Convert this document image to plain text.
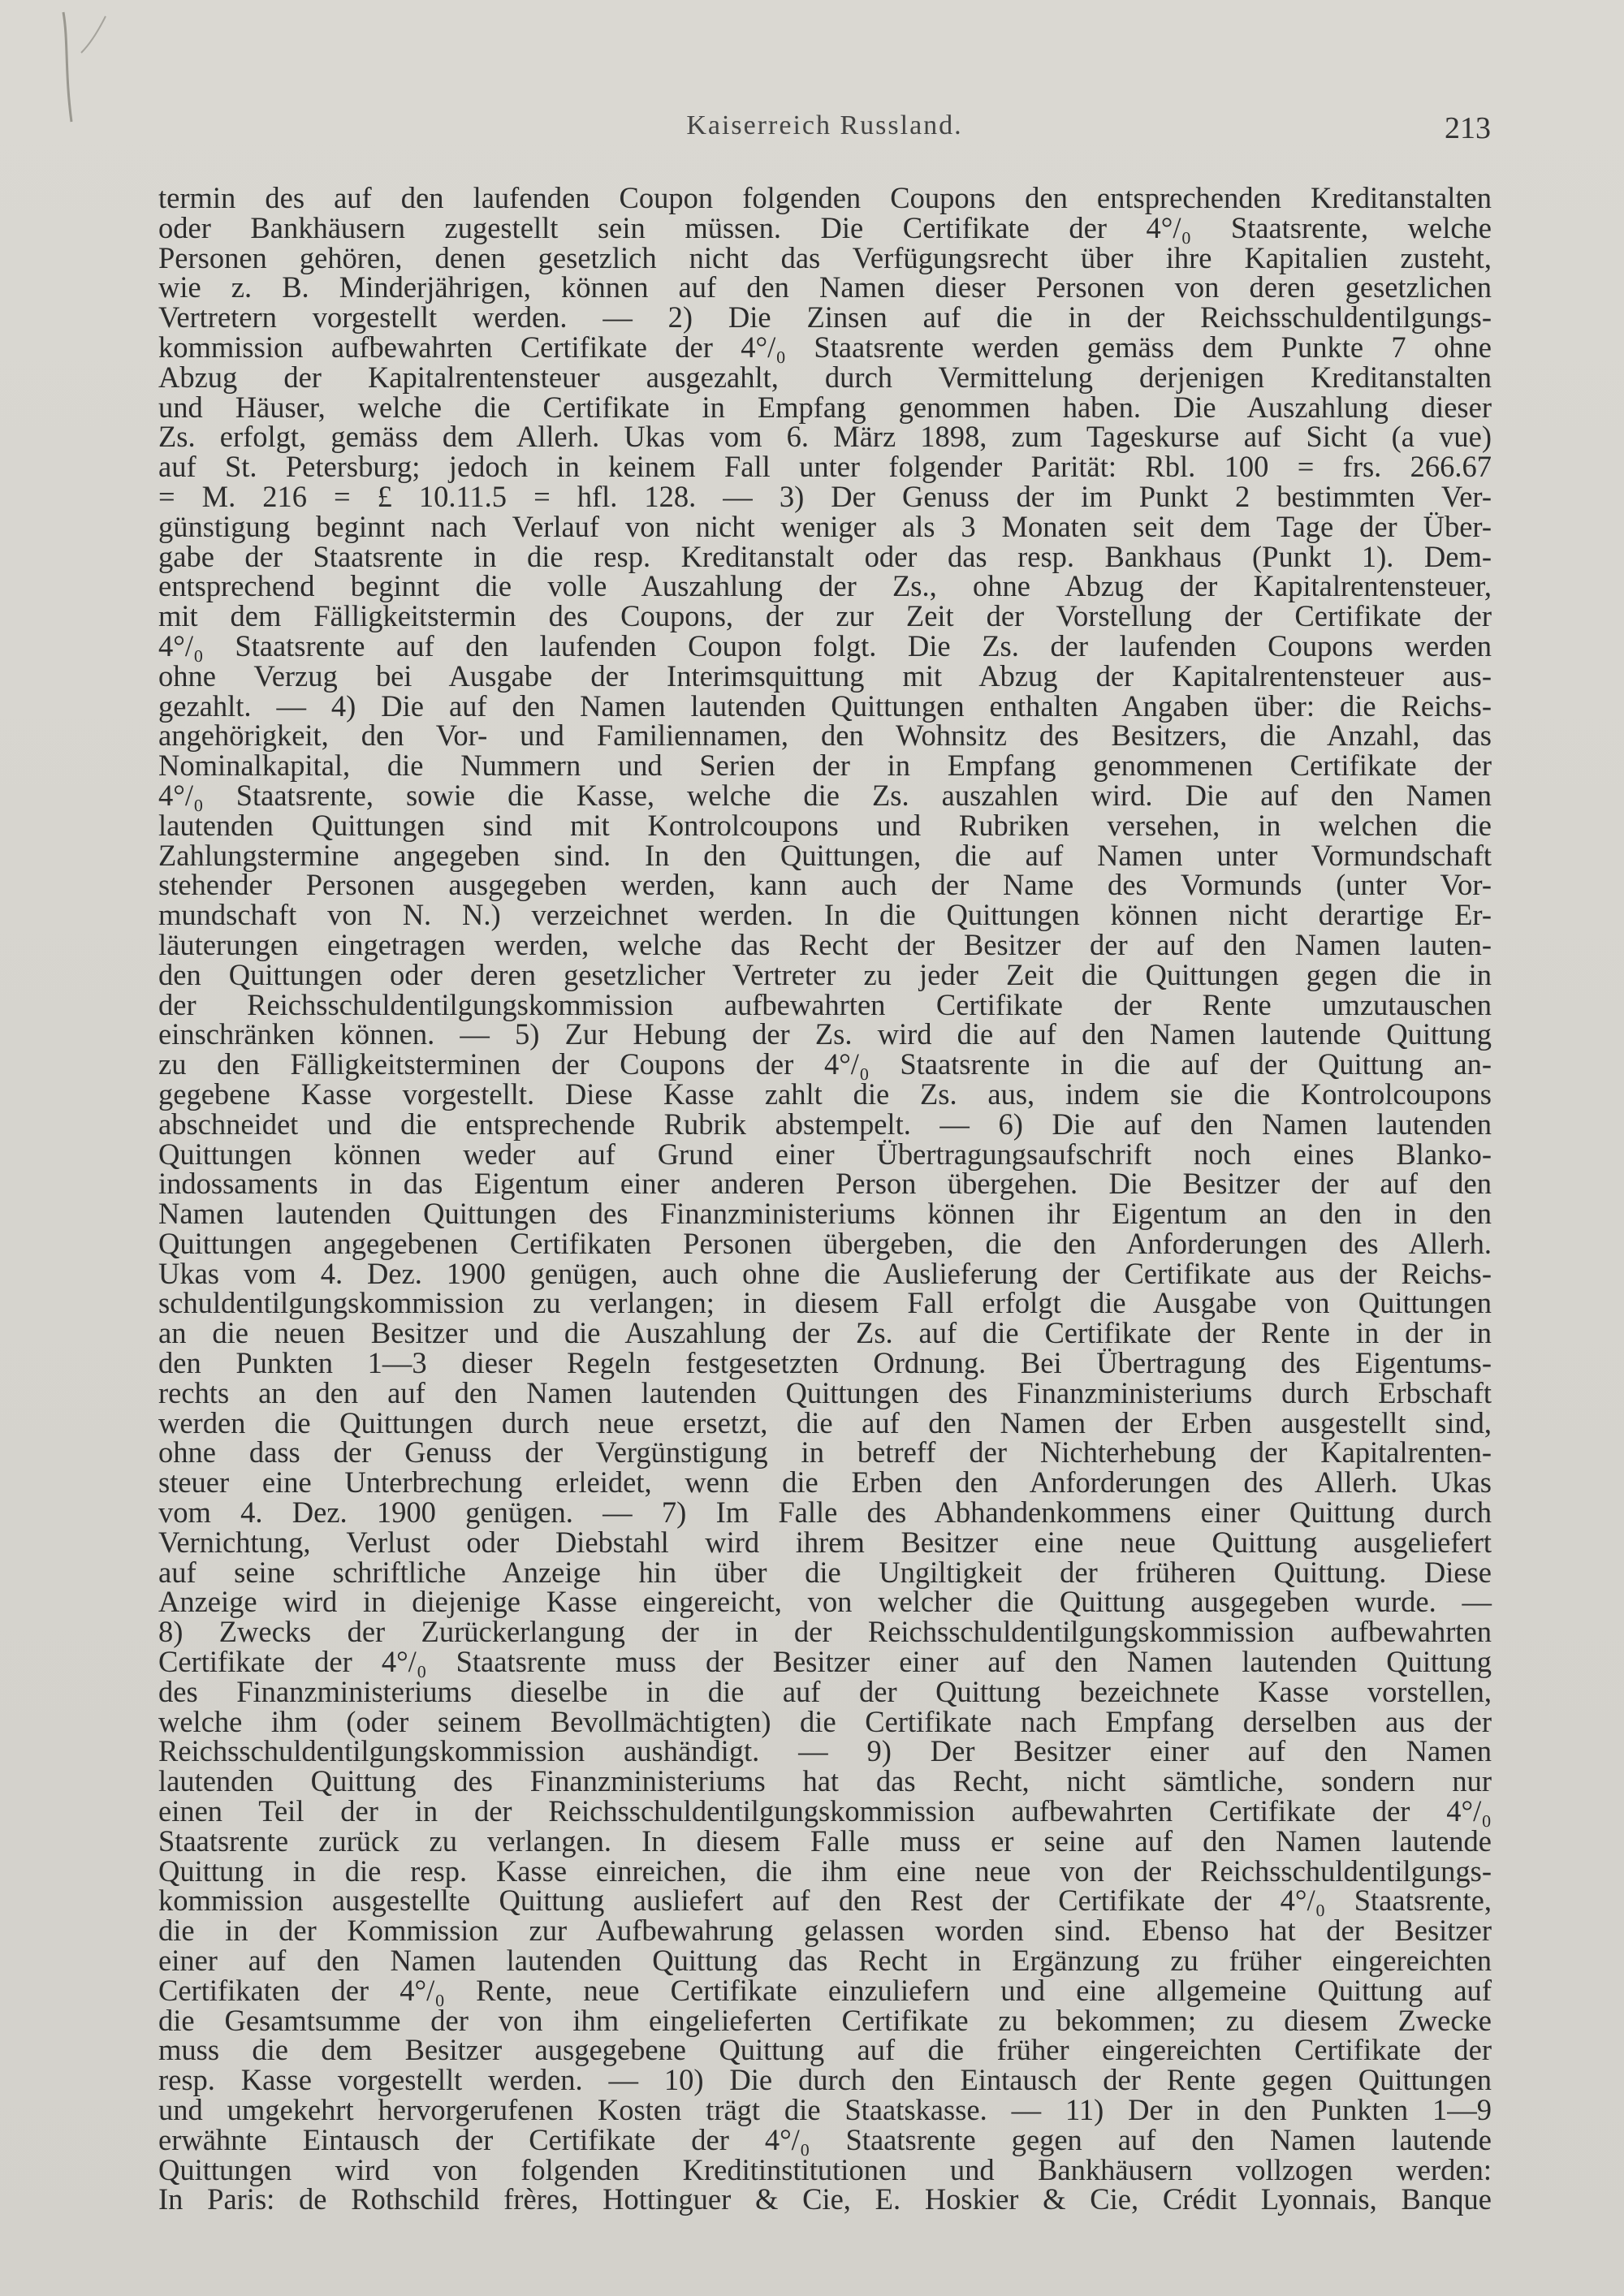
Kaiserreich Russland.	213
termin des auf den laufenden Coupon folgenden Coupons den entsprechenden Kreditanstalten
oder Bankhäusern zugestellt sein müssen. Die Certifikate der 4°/₀ Staatsrente, welche
Personen gehören, denen gesetzlich nicht das Verfügungsrecht über ihre Kapitalien zusteht,
wie z. B. Minderjährigen, können auf den Namen dieser Personen von deren gesetzlichen
Vertretern vorgestellt werden. — 2) Die Zinsen auf die in der Reichsschuldentilgungs-
kommission aufbewahrten Certifikate der 4°/₀ Staatsrente werden gemäss dem Punkte 7 ohne
Abzug der Kapitalrentensteuer ausgezahlt, durch Vermittelung derjenigen Kreditanstalten
und Häuser, welche die Certifikate in Empfang genommen haben. Die Auszahlung dieser
Zs. erfolgt, gemäss dem Allerh. Ukas vom 6. März 1898, zum Tageskurse auf Sicht (a vue)
auf St. Petersburg; jedoch in keinem Fall unter folgender Parität: Rbl. 100 = frs. 266.67
= M. 216 = £ 10.11.5 = hfl. 128. — 3) Der Genuss der im Punkt 2 bestimmten Ver-
günstigung beginnt nach Verlauf von nicht weniger als 3 Monaten seit dem Tage der Über-
gabe der Staatsrente in die resp. Kreditanstalt oder das resp. Bankhaus (Punkt 1). Dem-
entsprechend beginnt die volle Auszahlung der Zs., ohne Abzug der Kapitalrentensteuer,
mit dem Fälligkeitstermin des Coupons, der zur Zeit der Vorstellung der Certifikate der
4°/₀ Staatsrente auf den laufenden Coupon folgt. Die Zs. der laufenden Coupons werden
ohne Verzug bei Ausgabe der Interimsquittung mit Abzug der Kapitalrentensteuer aus-
gezahlt. — 4) Die auf den Namen lautenden Quittungen enthalten Angaben über: die Reichs-
angehörigkeit, den Vor- und Familiennamen, den Wohnsitz des Besitzers, die Anzahl, das
Nominalkapital, die Nummern und Serien der in Empfang genommenen Certifikate der
4°/₀ Staatsrente, sowie die Kasse, welche die Zs. auszahlen wird. Die auf den Namen
lautenden Quittungen sind mit Kontrolcoupons und Rubriken versehen, in welchen die
Zahlungstermine angegeben sind. In den Quittungen, die auf Namen unter Vormundschaft
stehender Personen ausgegeben werden, kann auch der Name des Vormunds (unter Vor-
mundschaft von N. N.) verzeichnet werden. In die Quittungen können nicht derartige Er-
läuterungen eingetragen werden, welche das Recht der Besitzer der auf den Namen lauten-
den Quittungen oder deren gesetzlicher Vertreter zu jeder Zeit die Quittungen gegen die in
der Reichsschuldentilgungskommission aufbewahrten Certifikate der Rente umzutauschen
einschränken können. — 5) Zur Hebung der Zs. wird die auf den Namen lautende Quittung
zu den Fälligkeitsterminen der Coupons der 4°/₀ Staatsrente in die auf der Quittung an-
gegebene Kasse vorgestellt. Diese Kasse zahlt die Zs. aus, indem sie die Kontrolcoupons
abschneidet und die entsprechende Rubrik abstempelt. — 6) Die auf den Namen lautenden
Quittungen können weder auf Grund einer Übertragungsaufschrift noch eines Blanko-
indossaments in das Eigentum einer anderen Person übergehen. Die Besitzer der auf den
Namen lautenden Quittungen des Finanzministeriums können ihr Eigentum an den in den
Quittungen angegebenen Certifikaten Personen übergeben, die den Anforderungen des Allerh.
Ukas vom 4. Dez. 1900 genügen, auch ohne die Auslieferung der Certifikate aus der Reichs-
schuldentilgungskommission zu verlangen; in diesem Fall erfolgt die Ausgabe von Quittungen
an die neuen Besitzer und die Auszahlung der Zs. auf die Certifikate der Rente in der in
den Punkten 1—3 dieser Regeln festgesetzten Ordnung. Bei Übertragung des Eigentums-
rechts an den auf den Namen lautenden Quittungen des Finanzministeriums durch Erbschaft
werden die Quittungen durch neue ersetzt, die auf den Namen der Erben ausgestellt sind,
ohne dass der Genuss der Vergünstigung in betreff der Nichterhebung der Kapitalrenten-
steuer eine Unterbrechung erleidet, wenn die Erben den Anforderungen des Allerh. Ukas
vom 4. Dez. 1900 genügen. — 7) Im Falle des Abhandenkommens einer Quittung durch
Vernichtung, Verlust oder Diebstahl wird ihrem Besitzer eine neue Quittung ausgeliefert
auf seine schriftliche Anzeige hin über die Ungiltigkeit der früheren Quittung. Diese
Anzeige wird in diejenige Kasse eingereicht, von welcher die Quittung ausgegeben wurde. —
8) Zwecks der Zurückerlangung der in der Reichsschuldentilgungskommission aufbewahrten
Certifikate der 4°/₀ Staatsrente muss der Besitzer einer auf den Namen lautenden Quittung
des Finanzministeriums dieselbe in die auf der Quittung bezeichnete Kasse vorstellen,
welche ihm (oder seinem Bevollmächtigten) die Certifikate nach Empfang derselben aus der
Reichsschuldentilgungskommission aushändigt. — 9) Der Besitzer einer auf den Namen
lautenden Quittung des Finanzministeriums hat das Recht, nicht sämtliche, sondern nur
einen Teil der in der Reichsschuldentilgungskommission aufbewahrten Certifikate der 4°/₀
Staatsrente zurück zu verlangen. In diesem Falle muss er seine auf den Namen lautende
Quittung in die resp. Kasse einreichen, die ihm eine neue von der Reichsschuldentilgungs-
kommission ausgestellte Quittung ausliefert auf den Rest der Certifikate der 4°/₀ Staatsrente,
die in der Kommission zur Aufbewahrung gelassen worden sind. Ebenso hat der Besitzer
einer auf den Namen lautenden Quittung das Recht in Ergänzung zu früher eingereichten
Certifikaten der 4°/₀ Rente, neue Certifikate einzuliefern und eine allgemeine Quittung auf
die Gesamtsumme der von ihm eingelieferten Certifikate zu bekommen; zu diesem Zwecke
muss die dem Besitzer ausgegebene Quittung auf die früher eingereichten Certifikate der
resp. Kasse vorgestellt werden. — 10) Die durch den Eintausch der Rente gegen Quittungen
und umgekehrt hervorgerufenen Kosten trägt die Staatskasse. — 11) Der in den Punkten 1—9
erwähnte Eintausch der Certifikate der 4°/₀ Staatsrente gegen auf den Namen lautende
Quittungen wird von folgenden Kreditinstitutionen und Bankhäusern vollzogen werden:
In Paris: de Rothschild frères, Hottinguer & Cie, E. Hoskier & Cie, Crédit Lyonnais, Banque
